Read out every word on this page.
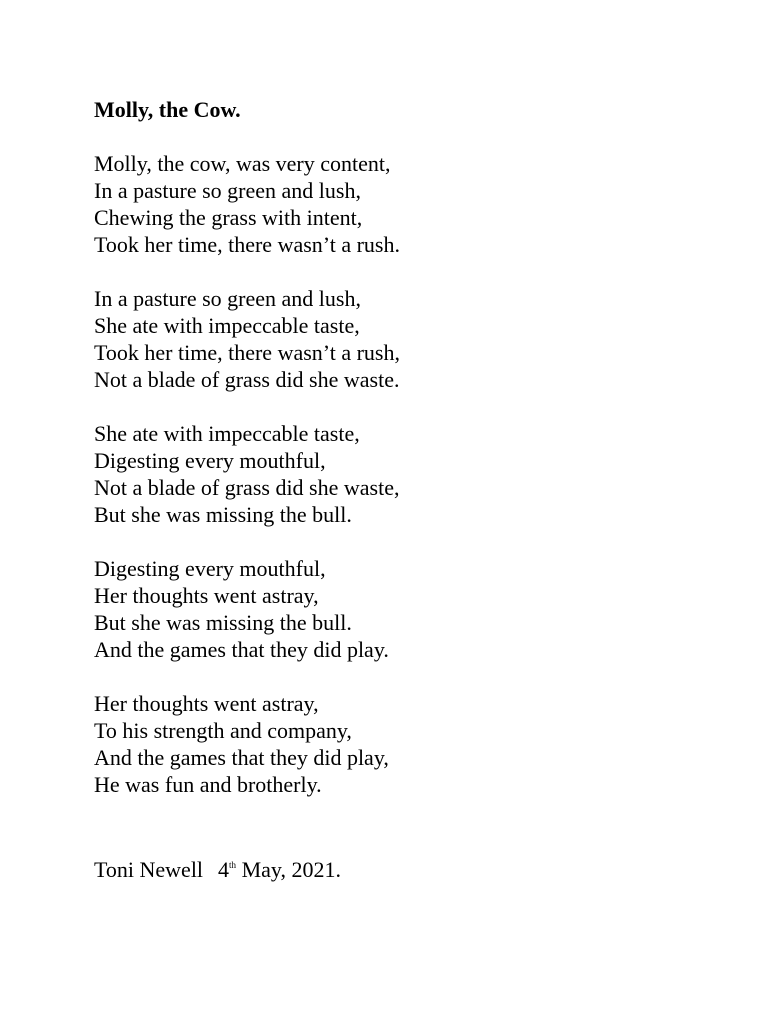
Molly, the Cow.

Molly, the cow, was very content,

In a pasture so green and lush,

Chewing the grass with intent,

Took her time, there wasn’t a rush.

In a pasture so green and lush,

She ate with impeccable taste,

Took her time, there wasn’t a rush,

Not a blade of grass did she waste.

She ate with impeccable taste,

Digesting every mouthful,

Not a blade of grass did she waste,

But she was missing the bull.

Digesting every mouthful,

Her thoughts went astray,

But she was missing the bull.

And the games that they did play.

Her thoughts went astray,

To his strength and company,

And the games that they did play,

He was fun and brotherly.

Toni Newell 4th May, 2021.
